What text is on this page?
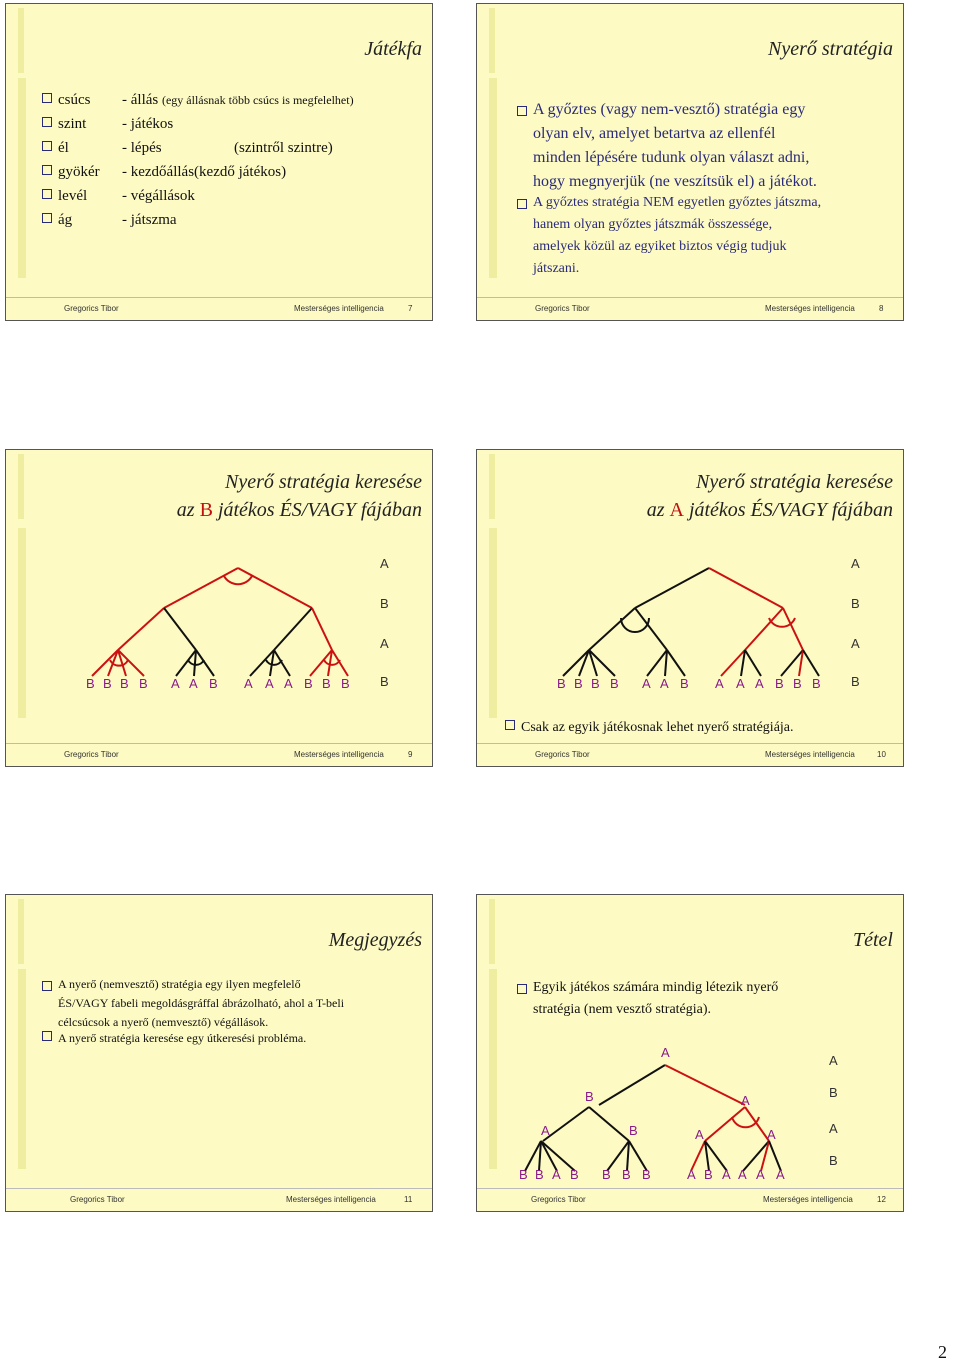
Játékfa
csúcs - állás (egy állásnak több csúcs is megfelelhet)
szint - játékos
él	- lépés	(szintről szintre)
gyökér - kezdőállás(kezdő játékos)
levél - végállások
ág	- játszma
Gregorics Tibor	Mesterséges intelligencia	7
Nyerő stratégia
A győztes (vagy nem-vesztő) stratégia egy
olyan elv, amelyet betartva az ellenfél
minden lépésére tudunk olyan választ adni,
hogy megnyerjük (ne veszítsük el) a játékot.
A győztes stratégia NEM egyetlen győztes játszma,
hanem olyan győztes játszmák összessége,
amelyek közül az egyiket biztos végig tudjuk
játszani.
Gregorics Tibor	Mesterséges intelligencia	8
Nyerő stratégia keresése
az B játékos ÉS/VAGY fájában
A
B
A
B
B B B B A A B A A A B B B
Gregorics Tibor	Mesterséges intelligencia	9
Nyerő stratégia keresése
az A játékos ÉS/VAGY fájában
A
B
A
B
B B B B A A B A A A B B B
Csak az egyik játékosnak lehet nyerő stratégiája.
Gregorics Tibor	Mesterséges intelligencia	10
Megjegyzés
A nyerő (nemvesztő) stratégia egy ilyen megfelelő
ÉS/VAGY fabeli megoldásgráffal ábrázolható, ahol a T-beli
célcsúcsok a nyerő (nemvesztő) végállások.
A nyerő stratégia keresése egy útkeresési probléma.
Gregorics Tibor	Mesterséges intelligencia	11
Tétel
Egyik játékos számára mindig létezik nyerő
stratégia (nem vesztő stratégia).
A
B	A
A	B	A	A
A
B
A
B
B B A B B B B	A B A A A A
Gregorics Tibor	Mesterséges intelligencia	12
2
